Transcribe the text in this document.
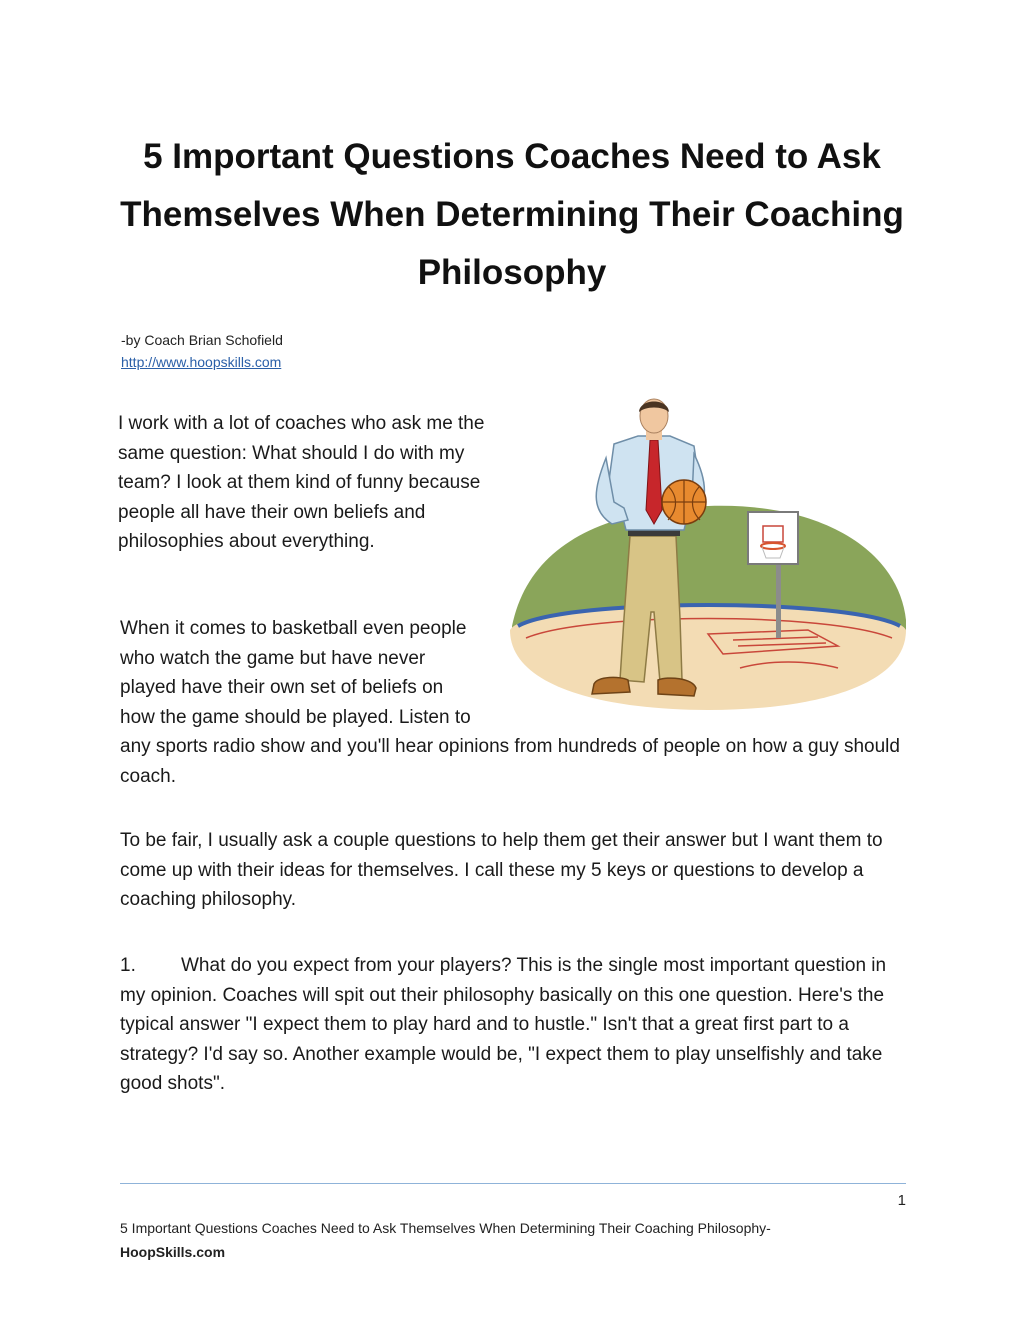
5 Important Questions Coaches Need to Ask Themselves When Determining Their Coaching Philosophy
-by Coach Brian Schofield
http://www.hoopskills.com

I work with a lot of coaches who ask me the same question: What should I do with my team? I look at them kind of funny because people all have their own beliefs and philosophies about everything.

When it comes to basketball even people who watch the game but have never played have their own set of beliefs on how the game should be played. Listen to any sports radio show and you'll hear opinions from hundreds of people on how a guy should coach.

To be fair, I usually ask a couple questions to help them get their answer but I want them to come up with their ideas for themselves. I call these my 5 keys or questions to develop a coaching philosophy.

1. What do you expect from your players? This is the single most important question in my opinion. Coaches will spit out their philosophy basically on this one question. Here's the typical answer "I expect them to play hard and to hustle." Isn't that a great first part to a strategy? I'd say so. Another example would be, "I expect them to play unselfishly and take good shots".

1
5 Important Questions Coaches Need to Ask Themselves When Determining Their Coaching Philosophy-
HoopSkills.com
